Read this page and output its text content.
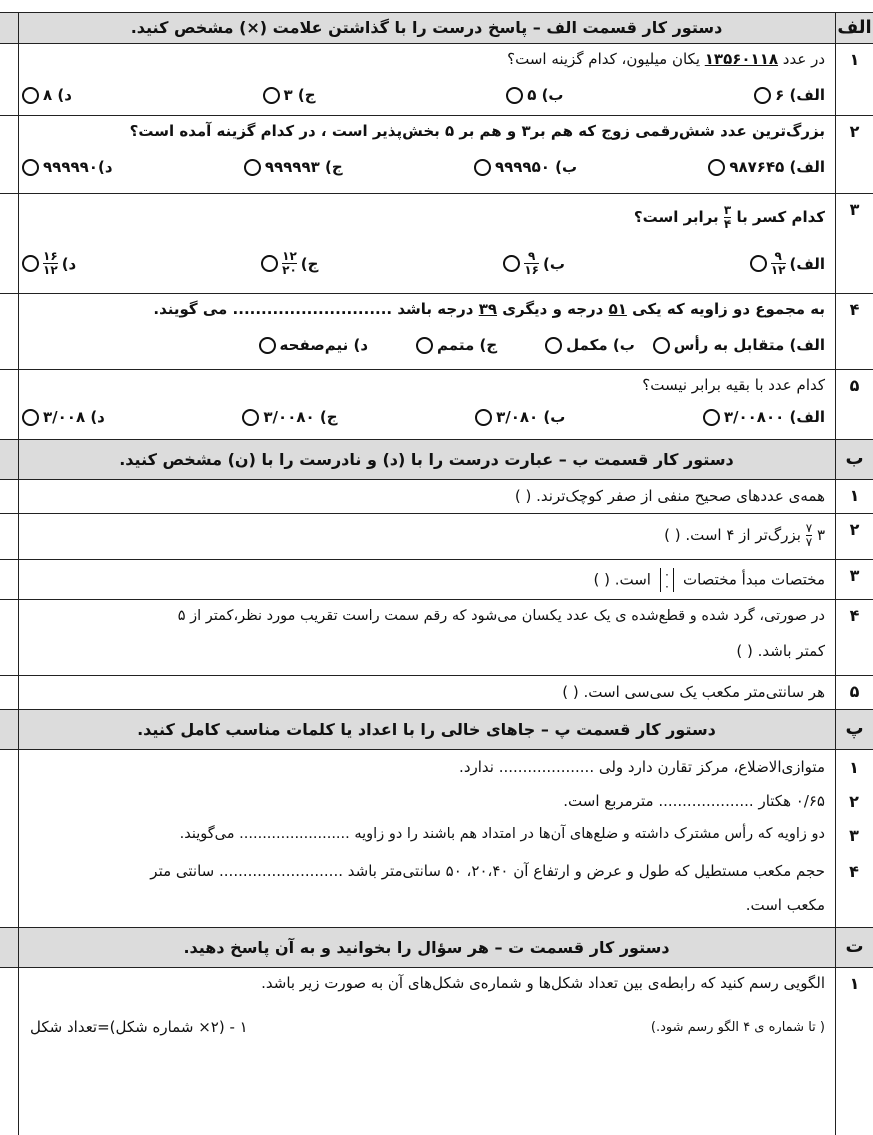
الف
دستور کار قسمت الف – پاسخ درست را با گذاشتن علامت (×) مشخص کنید.
۱
در عدد ۱۳۵۶۰۱۱۸ یکان میلیون، کدام گزینه است؟
الف) ۶
ب) ۵
ج) ۳
د) ۸
۲
بزرگ‌ترین عدد شش‌رقمی زوج که هم بر۳ و هم بر ۵ بخش‌پذیر است ، در کدام گزینه آمده است؟
الف) ۹۸۷۶۴۵
ب) ۹۹۹۹۵۰
ج) ۹۹۹۹۹۳
د)۹۹۹۹۹۰
۳
کدام کسر با
$\frac{۳}{۴}$
برابر است؟
الف)
$\frac{۹}{۱۲}$
ب)
$\frac{۹}{۱۶}$
ج)
$\frac{۱۲}{۲۰}$
د)
$\frac{۱۶}{۱۲}$
۴
به مجموع دو زاویه که یکی ۵۱ درجه و دیگری ۳۹ درجه باشد ............................ می گویند.
الف) متقابل به رأس
ب) مکمل
ج) متمم
د) نیم‌صفحه
۵
کدام عدد با بقیه برابر نیست؟
الف) ۳/۰۰۸۰۰
ب) ۳/۰۸۰
ج) ۳/۰۰۸۰
د) ۳/۰۰۸
ب
دستور کار قسمت ب – عبارت درست را با (د) و نادرست را با (ن) مشخص کنید.
۱
همه‌ی عددهای صحیح منفی از صفر کوچک‌ترند. ( )
۲
۳
$\frac{۷}{۷}$
بزرگ‌تر از ۴ است. ( )
۳
مختصات مبدأ مختصات
۰
۰
است. ( )
۴
در صورتی، گرد شده و قطع‌شده ی یک عدد یکسان می‌شود که رقم سمت راست تقریب مورد نظر،کمتر از ۵
کمتر باشد. ( )
۵
هر سانتی‌متر مکعب یک سی‌سی است. ( )
پ
دستور کار قسمت پ – جاهای خالی را با اعداد یا کلمات مناسب کامل کنید.
۱
۲
۳
۴
متوازی‌الاضلاع، مرکز تقارن دارد ولی .................... ندارد.
۰/۶۵ هکتار .................... مترمربع است.
دو زاویه که رأس مشترک داشته و ضلع‌های آن‌ها در امتداد هم باشند را دو زاویه ........................ می‌گویند.
حجم مکعب مستطیل که طول و عرض و ارتفاع آن ۲۰،۴۰، ۵۰ سانتی‌متر باشد .......................... سانتی متر
مکعب است.
ت
دستور کار قسمت ت – هر سؤال را بخوانید و به آن پاسخ دهید.
۱
الگویی رسم کنید که رابطه‌ی بین تعداد شکل‌ها و شماره‌ی شکل‌های آن به صورت زیر باشد.
( تا شماره ی ۴ الگو رسم شود.)
۱ - (۲× شماره شکل)=تعداد شکل
